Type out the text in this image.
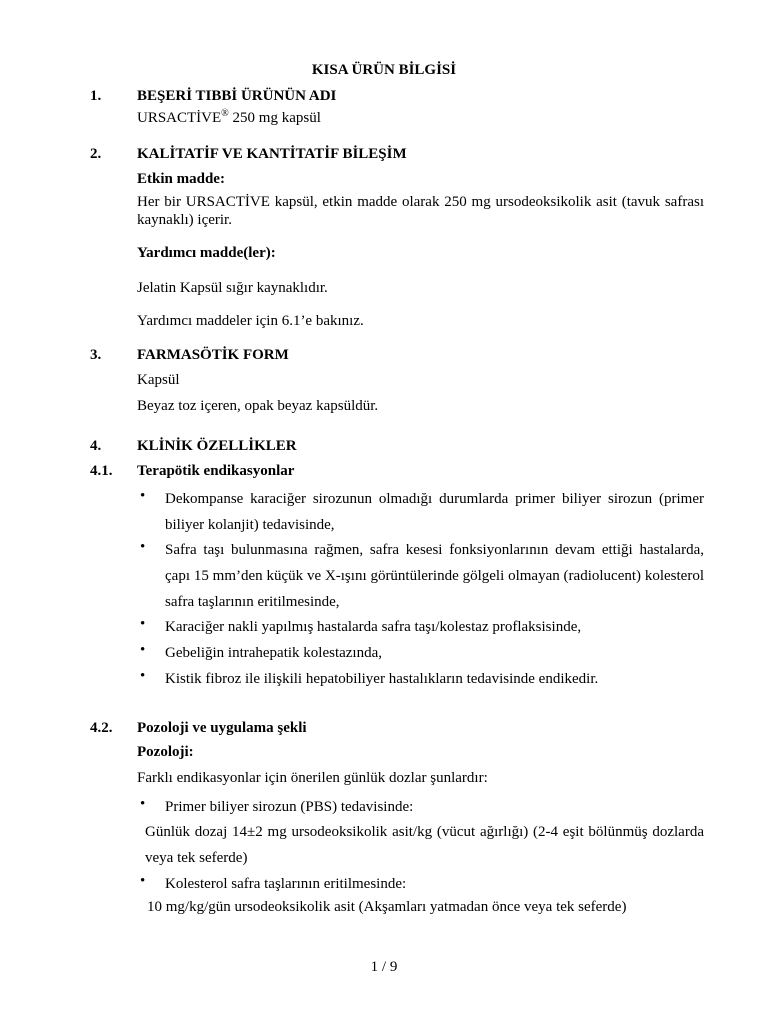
KISA ÜRÜN BİLGİSİ
1. BEŞERİ TIBBİ ÜRÜNÜN ADI
URSACTİVE® 250 mg kapsül
2. KALİTATİF VE KANTİTATİF BİLEŞİM
Etkin madde:
Her bir URSACTİVE kapsül, etkin madde olarak 250 mg ursodeoksikolik asit (tavuk safrası kaynaklı) içerir.
Yardımcı madde(ler):
Jelatin Kapsül sığır kaynaklıdır.
Yardımcı maddeler için 6.1’e bakınız.
3. FARMASÖTİK FORM
Kapsül
Beyaz toz içeren, opak beyaz kapsüldür.
4. KLİNİK ÖZELLİKLER
4.1. Terapötik endikasyonlar
• Dekompanse karaciğer sirozunun olmadığı durumlarda primer biliyer sirozun (primer biliyer kolanjit) tedavisinde,
• Safra taşı bulunmasına rağmen, safra kesesi fonksiyonlarının devam ettiği hastalarda, çapı 15 mm’den küçük ve X-ışını görüntülerinde gölgeli olmayan (radiolucent) kolesterol safra taşlarının eritilmesinde,
• Karaciğer nakli yapılmış hastalarda safra taşı/kolestaz proflaksisinde,
• Gebeliğin intrahepatik kolestazında,
• Kistik fibroz ile ilişkili hepatobiliyer hastalıkların tedavisinde endikedir.
4.2. Pozoloji ve uygulama şekli
Pozoloji:
Farklı endikasyonlar için önerilen günlük dozlar şunlardır:
• Primer biliyer sirozun (PBS) tedavisinde:
Günlük dozaj 14±2 mg ursodeoksikolik asit/kg (vücut ağırlığı) (2-4 eşit bölünmüş dozlarda veya tek seferde)
• Kolesterol safra taşlarının eritilmesinde:
10 mg/kg/gün ursodeoksikolik asit (Akşamları yatmadan önce veya tek seferde)
1 / 9
